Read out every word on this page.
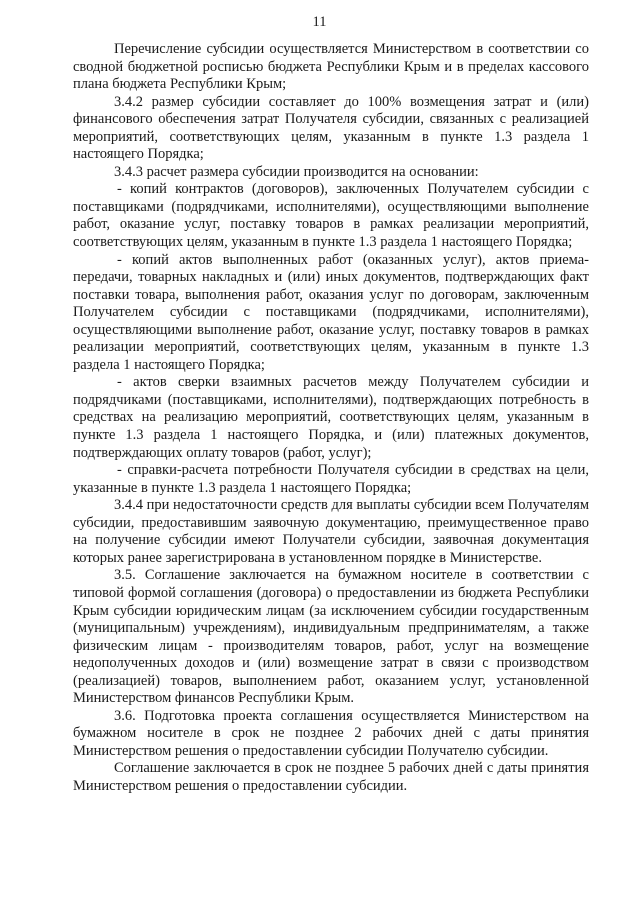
11

Перечисление субсидии осуществляется Министерством в соответствии со сводной бюджетной росписью бюджета Республики Крым и в пределах кассового плана бюджета Республики Крым;

3.4.2 размер субсидии составляет до 100% возмещения затрат и (или) финансового обеспечения затрат Получателя субсидии, связанных с реализацией мероприятий, соответствующих целям, указанным в пункте 1.3 раздела 1 настоящего Порядка;

3.4.3 расчет размера субсидии производится на основании:

- копий контрактов (договоров), заключенных Получателем субсидии с поставщиками (подрядчиками, исполнителями), осуществляющими выполнение работ, оказание услуг, поставку товаров в рамках реализации мероприятий, соответствующих целям, указанным в пункте 1.3 раздела 1 настоящего Порядка;

- копий актов выполненных работ (оказанных услуг), актов приема-передачи, товарных накладных и (или) иных документов, подтверждающих факт поставки товара, выполнения работ, оказания услуг по договорам, заключенным Получателем субсидии с поставщиками (подрядчиками, исполнителями), осуществляющими выполнение работ, оказание услуг, поставку товаров в рамках реализации мероприятий, соответствующих целям, указанным в пункте 1.3 раздела 1 настоящего Порядка;

- актов сверки взаимных расчетов между Получателем субсидии и подрядчиками (поставщиками, исполнителями), подтверждающих потребность в средствах на реализацию мероприятий, соответствующих целям, указанным в пункте 1.3 раздела 1 настоящего Порядка, и (или) платежных документов, подтверждающих оплату товаров (работ, услуг);

- справки-расчета потребности Получателя субсидии в средствах на цели, указанные в пункте 1.3 раздела 1 настоящего Порядка;

3.4.4 при недостаточности средств для выплаты субсидии всем Получателям субсидии, предоставившим заявочную документацию, преимущественное право на получение субсидии имеют Получатели субсидии, заявочная документация которых ранее зарегистрирована в установленном порядке в Министерстве.

3.5. Соглашение заключается на бумажном носителе в соответствии с типовой формой соглашения (договора) о предоставлении из бюджета Республики Крым субсидии юридическим лицам (за исключением субсидии государственным (муниципальным) учреждениям), индивидуальным предпринимателям, а также физическим лицам - производителям товаров, работ, услуг на возмещение недополученных доходов и (или) возмещение затрат в связи с производством (реализацией) товаров, выполнением работ, оказанием услуг, установленной Министерством финансов Республики Крым.

3.6. Подготовка проекта соглашения осуществляется Министерством на бумажном носителе в срок не позднее 2 рабочих дней с даты принятия Министерством решения о предоставлении субсидии Получателю субсидии.

Соглашение заключается в срок не позднее 5 рабочих дней с даты принятия Министерством решения о предоставлении субсидии.
